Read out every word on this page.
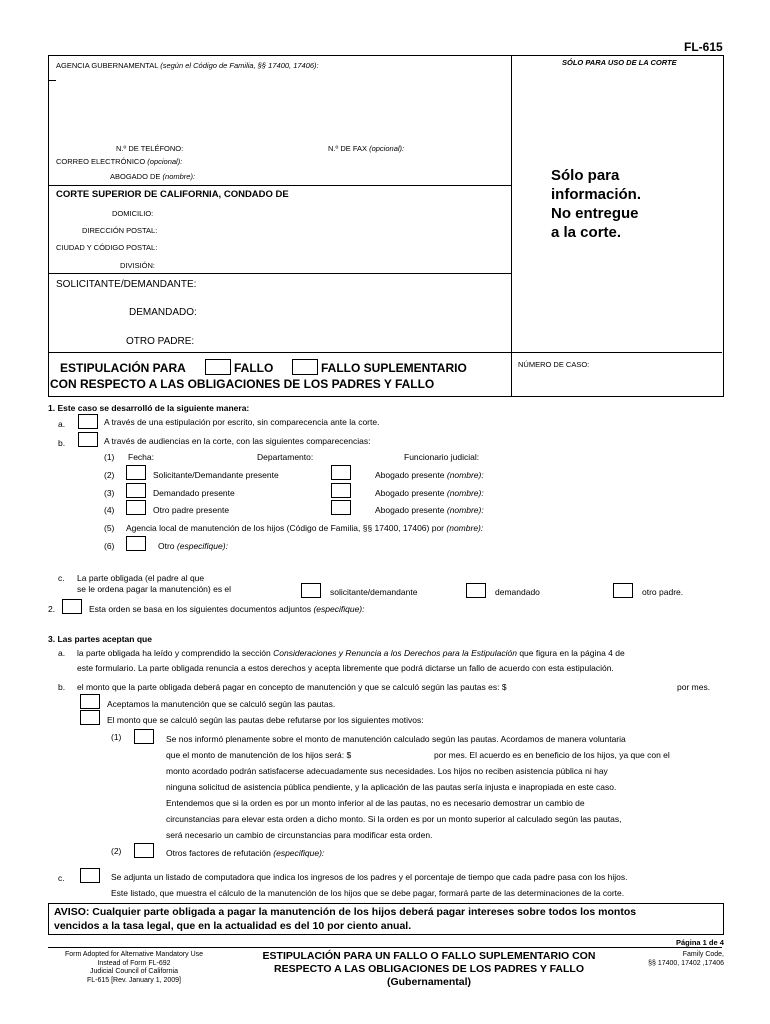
FL-615
SÓLO PARA USO DE LA CORTE
AGENCIA GUBERNAMENTAL (según el Código de Familia, §§ 17400, 17406):
N.º DE TELÉFONO:	N.º DE FAX (opcional):
CORREO ELECTRÓNICO (opcional):
ABOGADO DE (nombre):
CORTE SUPERIOR DE CALIFORNIA, CONDADO DE
DOMICILIO:
DIRECCIÓN POSTAL:
CIUDAD Y CÓDIGO POSTAL:
DIVISIÓN:
Sólo para
información.
No entregue
a la corte.
SOLICITANTE/DEMANDANTE:
DEMANDADO:
OTRO PADRE:
ESTIPULACIÓN PARA	FALLO	FALLO SUPLEMENTARIO
CON RESPECTO A LAS OBLIGACIONES DE LOS PADRES Y FALLO
NÚMERO DE CASO:
1. Este caso se desarrolló de la siguiente manera:
a.	A través de una estipulación por escrito, sin comparecencia ante la corte.
b.	A través de audiencias en la corte, con las siguientes comparecencias:
(1) Fecha:	Departamento:	Funcionario judicial:
(2)	Solicitante/Demandante presente	Abogado presente (nombre):
(3)	Demandado presente	Abogado presente (nombre):
(4)	Otro padre presente	Abogado presente (nombre):
(5) Agencia local de manutención de los hijos (Código de Familia, §§ 17400, 17406) por (nombre):
(6)	Otro (especifique):
c. La parte obligada (el padre al que
se le ordena pagar la manutención) es el	solicitante/demandante	demandado	otro padre.
2.	Esta orden se basa en los siguientes documentos adjuntos (especifique):
3. Las partes aceptan que
a. la parte obligada ha leído y comprendido la sección Consideraciones y Renuncia a los Derechos para la Estipulación que figura en la página 4 de
este formulario. La parte obligada renuncia a estos derechos y acepta libremente que podrá dictarse un fallo de acuerdo con esta estipulación.
b. el monto que la parte obligada deberá pagar en concepto de manutención y que se calculó según las pautas es: $	por mes.
Aceptamos la manutención que se calculó según las pautas.
El monto que se calculó según las pautas debe refutarse por los siguientes motivos:
(1)	Se nos informó plenamente sobre el monto de manutención calculado según las pautas. Acordamos de manera voluntaria
que el monto de manutención de los hijos será: $	por mes. El acuerdo es en beneficio de los hijos, ya que con el
monto acordado podrán satisfacerse adecuadamente sus necesidades. Los hijos no reciben asistencia pública ni hay
ninguna solicitud de asistencia pública pendiente, y la aplicación de las pautas sería injusta e inapropiada en este caso.
Entendemos que si la orden es por un monto inferior al de las pautas, no es necesario demostrar un cambio de
circunstancias para elevar esta orden a dicho monto. Si la orden es por un monto superior al calculado según las pautas,
será necesario un cambio de circunstancias para modificar esta orden.
(2)	Otros factores de refutación (especifique):
c.	Se adjunta un listado de computadora que indica los ingresos de los padres y el porcentaje de tiempo que cada padre pasa con los hijos.
Este listado, que muestra el cálculo de la manutención de los hijos que se debe pagar, formará parte de las determinaciones de la corte.
AVISO: Cualquier parte obligada a pagar la manutención de los hijos deberá pagar intereses sobre todos los montos
vencidos a la tasa legal, que en la actualidad es del 10 por ciento anual.
Página 1 de 4
Form Adopted for Alternative Mandatory Use
Instead of Form FL-692
Judicial Council of California
FL-615 [Rev. January 1, 2009]
ESTIPULACIÓN PARA UN FALLO O FALLO SUPLEMENTARIO CON
RESPECTO A LAS OBLIGACIONES DE LOS PADRES Y FALLO
(Gubernamental)
Family Code,
§§ 17400, 17402 ,17406
